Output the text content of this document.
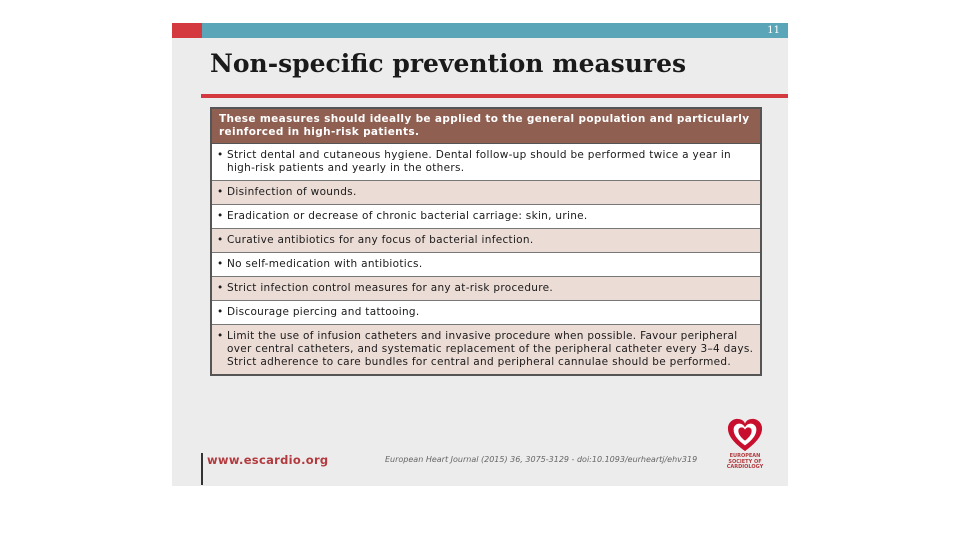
11
Non-specific prevention measures
These measures should ideally be applied to the general population and particularly reinforced in high-risk patients.
• Strict dental and cutaneous hygiene. Dental follow-up should be performed twice a year in high-risk patients and yearly in the others.
• Disinfection of wounds.
• Eradication or decrease of chronic bacterial carriage: skin, urine.
• Curative antibiotics for any focus of bacterial infection.
• No self-medication with antibiotics.
• Strict infection control measures for any at-risk procedure.
• Discourage piercing and tattooing.
• Limit the use of infusion catheters and invasive procedure when possible. Favour peripheral over central catheters, and systematic replacement of the peripheral catheter every 3–4 days. Strict adherence to care bundles for central and peripheral cannulae should be performed.
www.escardio.org	European Heart Journal (2015) 36, 3075-3129 - doi:10.1093/eurheartj/ehv319	EUROPEAN SOCIETY OF CARDIOLOGY
